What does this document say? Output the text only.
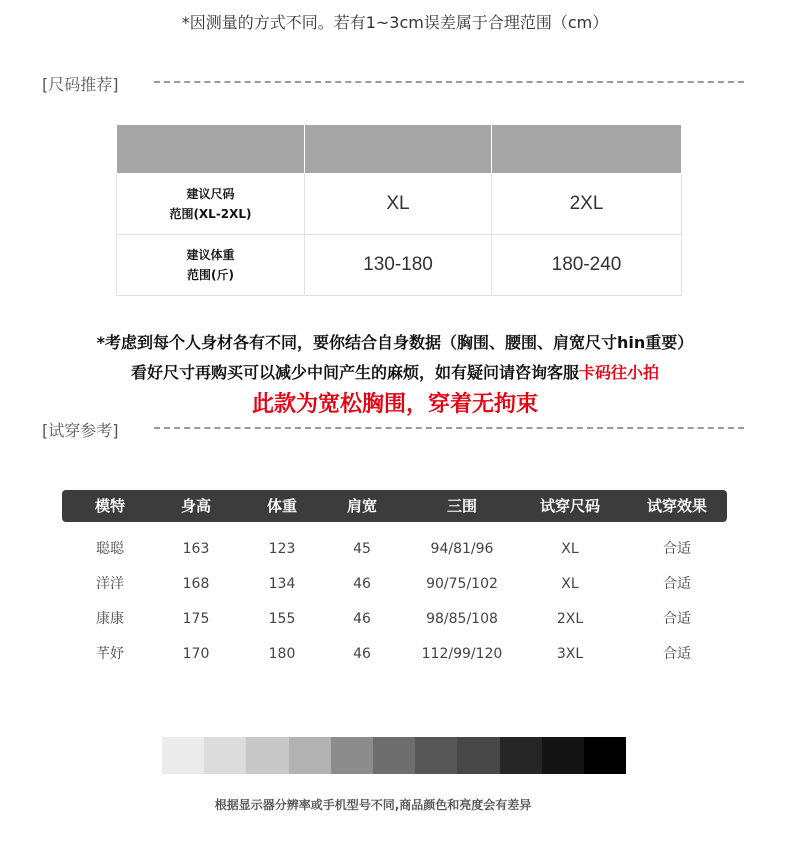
*因测量的方式不同。若有1~3cm误差属于合理范围（cm）
[尺码推荐]

建议尺码
范围(XL-2XL)	XL	2XL

建议体重
范围(斤)	130-180	180-240
*考虑到每个人身材各有不同，要你结合自身数据（胸围、腰围、肩宽尺寸hin重要）
看好尺寸再购买可以减少中间产生的麻烦，如有疑问请咨询客服卡码往小拍
此款为宽松胸围，穿着无拘束
[试穿参考]
模特	身高	体重	肩宽	三围	试穿尺码	试穿效果
聪聪	163	123	45	94/81/96	XL	合适
洋洋	168	134	46	90/75/102	XL	合适
康康	175	155	46	98/85/108	2XL	合适
芊妤	170	180	46	112/99/120	3XL	合适
根据显示器分辨率或手机型号不同,商品颜色和亮度会有差异
